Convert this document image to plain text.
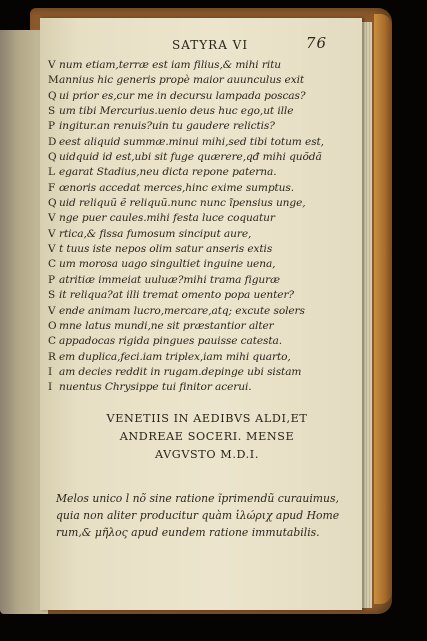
SATYRA VI	76
V num etiam,terræ est iam filius,& mihi ritu
Mannius hic generis propè maior auunculus exit
Q ui prior es,cur me in decursu lampada poscas?
S um tibi Mercurius.uenio deus huc ego,ut ille
P ingitur.an renuis?uin tu gaudere relictis?
D eest aliquid summæ.minui mihi,sed tibi totum est,
Q uidquid id est,ubi sit fuge quærere,qđ mihi quõdã
L egarat Stadius,neu dicta repone paterna.
F œnoris accedat merces,hinc exime sumptus.
Q uid reliquũ ẽ reliquũ.nunc nunc ĩpensius unge,
V nge puer caules.mihi festa luce coquatur
V rtica,& fissa fumosum sinciput aure,
V t tuus iste nepos olim satur anseris extis
C um morosa uago singultiet inguine uena,
P atritiæ immeiat uuluæ?mihi trama figuræ
S it reliqua?at illi tremat omento popa uenter?
V ende animam lucro,mercare,atq; excute solers
O mne latus mundi,ne sit præstantior alter
C appadocas rigida pingues pauisse catesta.
R em duplica,feci.iam triplex,iam mihi quarto,
I am decies reddit in rugam.depinge ubi sistam
I nuentus Chrysippe tui finitor acerui.
VENETIIS IN AEDIBVS ALDI,ET
ANDREAE SOCERI. MENSE
AVGVSTO M.D.I.
Melos unico l nõ sine ratione ĩprimendũ curauimus,
quia non aliter producitur quàm ἰλώριχ apud Home
rum,& μῆλος apud eundem ratione immutabilis.
